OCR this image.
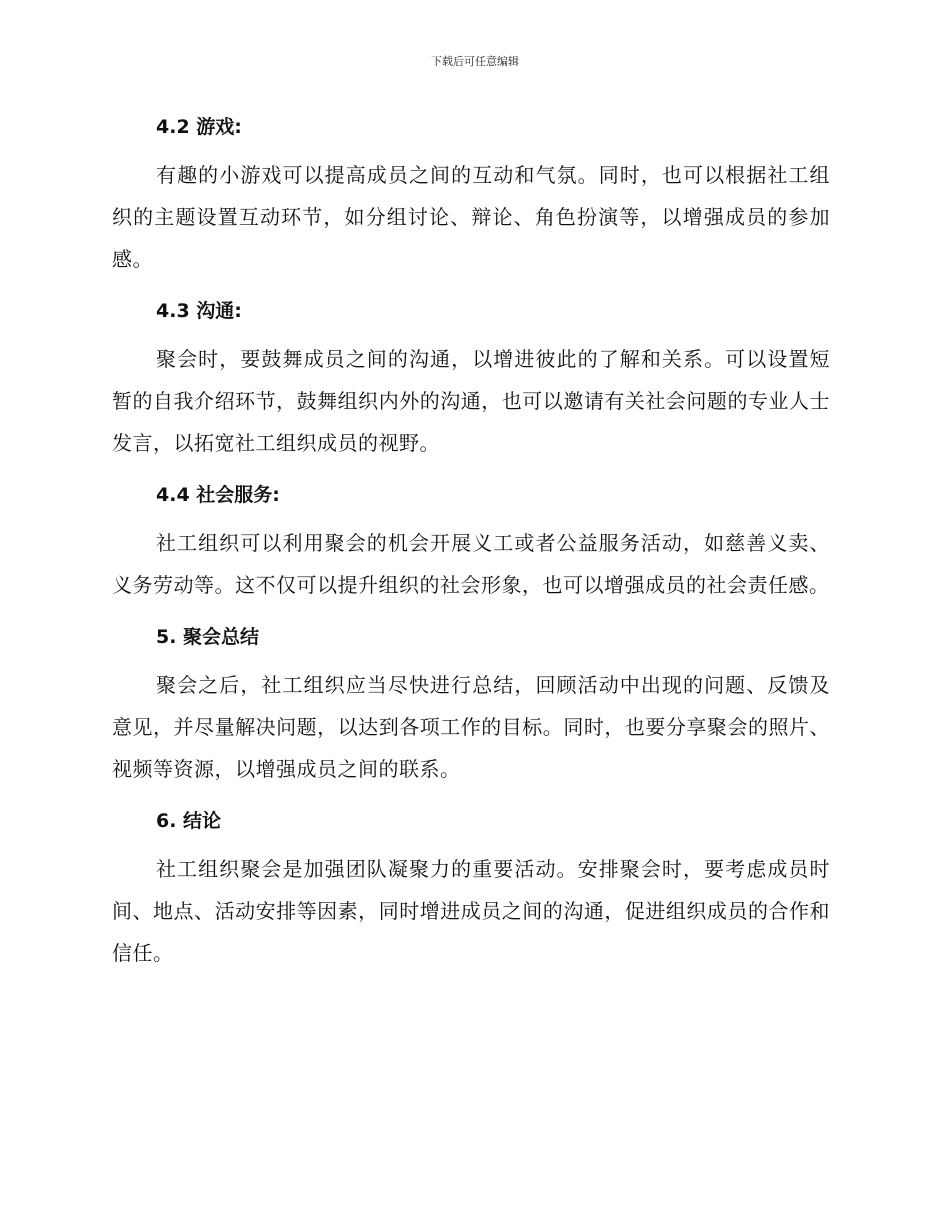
下载后可任意编辑
4.2 游戏:

有趣的小游戏可以提高成员之间的互动和气氛。同时，也可以根据社工组织的主题设置互动环节，如分组讨论、辩论、角色扮演等，以增强成员的参加感。

4.3 沟通:

聚会时，要鼓舞成员之间的沟通，以增进彼此的了解和关系。可以设置短暂的自我介绍环节，鼓舞组织内外的沟通，也可以邀请有关社会问题的专业人士发言，以拓宽社工组织成员的视野。

4.4 社会服务:

社工组织可以利用聚会的机会开展义工或者公益服务活动，如慈善义卖、义务劳动等。这不仅可以提升组织的社会形象，也可以增强成员的社会责任感。

5. 聚会总结

聚会之后，社工组织应当尽快进行总结，回顾活动中出现的问题、反馈及意见，并尽量解决问题，以达到各项工作的目标。同时，也要分享聚会的照片、视频等资源，以增强成员之间的联系。

6. 结论

社工组织聚会是加强团队凝聚力的重要活动。安排聚会时，要考虑成员时间、地点、活动安排等因素，同时增进成员之间的沟通，促进组织成员的合作和信任。
